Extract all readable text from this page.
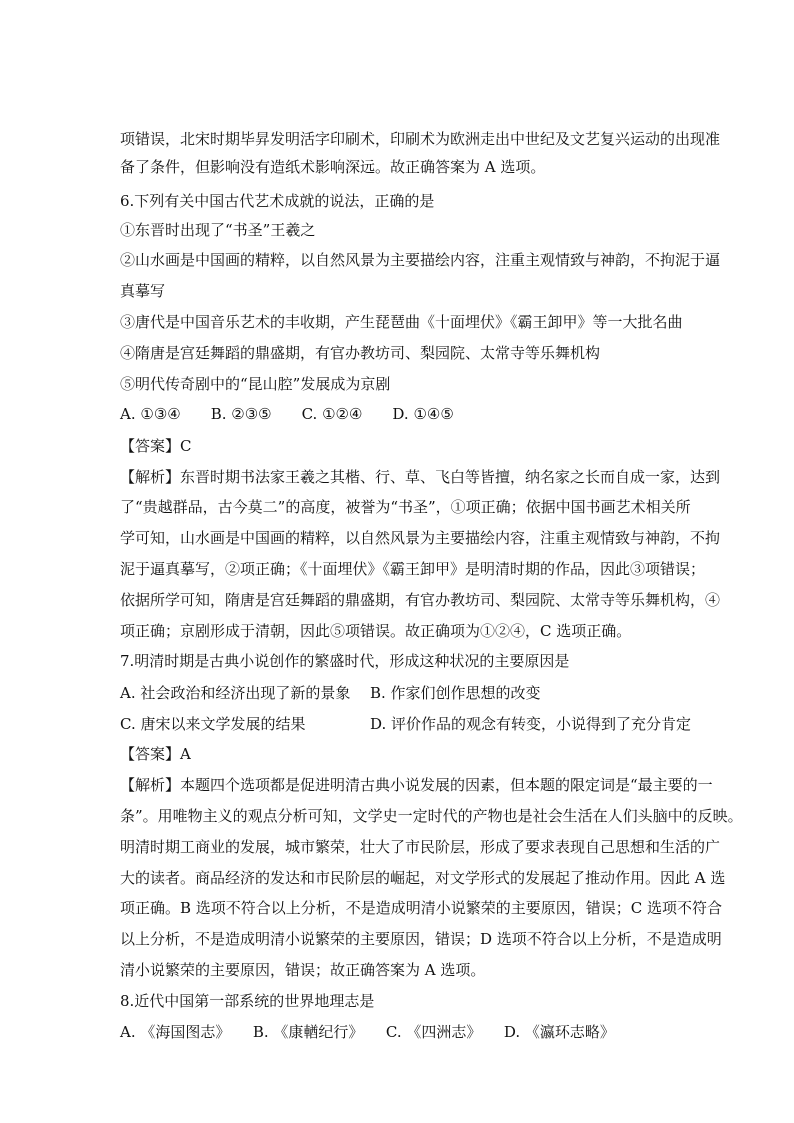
项错误，北宋时期毕昇发明活字印刷术，印刷术为欧洲走出中世纪及文艺复兴运动的出现准
备了条件，但影响没有造纸术影响深远。故正确答案为 A 选项。
6.下列有关中国古代艺术成就的说法，正确的是
①东晋时出现了“书圣”王羲之
②山水画是中国画的精粹，以自然风景为主要描绘内容，注重主观情致与神韵，不拘泥于逼
真摹写
③唐代是中国音乐艺术的丰收期，产生琵琶曲《十面埋伏》《霸王卸甲》等一大批名曲
④隋唐是宫廷舞蹈的鼎盛期，有官办教坊司、梨园院、太常寺等乐舞机构
⑤明代传奇剧中的“昆山腔”发展成为京剧
A. ①③④　　B. ②③⑤　　C. ①②④　　D. ①④⑤
【答案】C
【解析】东晋时期书法家王羲之其楷、行、草、飞白等皆擅，纳名家之长而自成一家，达到
了“贵越群品，古今莫二”的高度，被誉为“书圣”，①项正确；依据中国书画艺术相关所
学可知，山水画是中国画的精粹，以自然风景为主要描绘内容，注重主观情致与神韵，不拘
泥于逼真摹写，②项正确；《十面埋伏》《霸王卸甲》是明清时期的作品，因此③项错误；
依据所学可知，隋唐是宫廷舞蹈的鼎盛期，有官办教坊司、梨园院、太常寺等乐舞机构，④
项正确；京剧形成于清朝，因此⑤项错误。故正确项为①②④，C 选项正确。
7.明清时期是古典小说创作的繁盛时代，形成这种状况的主要原因是
A. 社会政治和经济出现了新的景象 B. 作家们创作思想的改变
C. 唐宋以来文学发展的结果	D. 评价作品的观念有转变，小说得到了充分肯定
【答案】A
【解析】本题四个选项都是促进明清古典小说发展的因素，但本题的限定词是“最主要的一
条”。用唯物主义的观点分析可知，文学史一定时代的产物也是社会生活在人们头脑中的反映。
明清时期工商业的发展，城市繁荣，壮大了市民阶层，形成了要求表现自己思想和生活的广
大的读者。商品经济的发达和市民阶层的崛起，对文学形式的发展起了推动作用。因此 A 选
项正确。B 选项不符合以上分析，不是造成明清小说繁荣的主要原因，错误；C 选项不符合
以上分析，不是造成明清小说繁荣的主要原因，错误；D 选项不符合以上分析，不是造成明
清小说繁荣的主要原因，错误；故正确答案为 A 选项。
8.近代中国第一部系统的世界地理志是
A. 《海国图志》　　B. 《康輶纪行》　　C. 《四洲志》　　D. 《瀛环志略》
